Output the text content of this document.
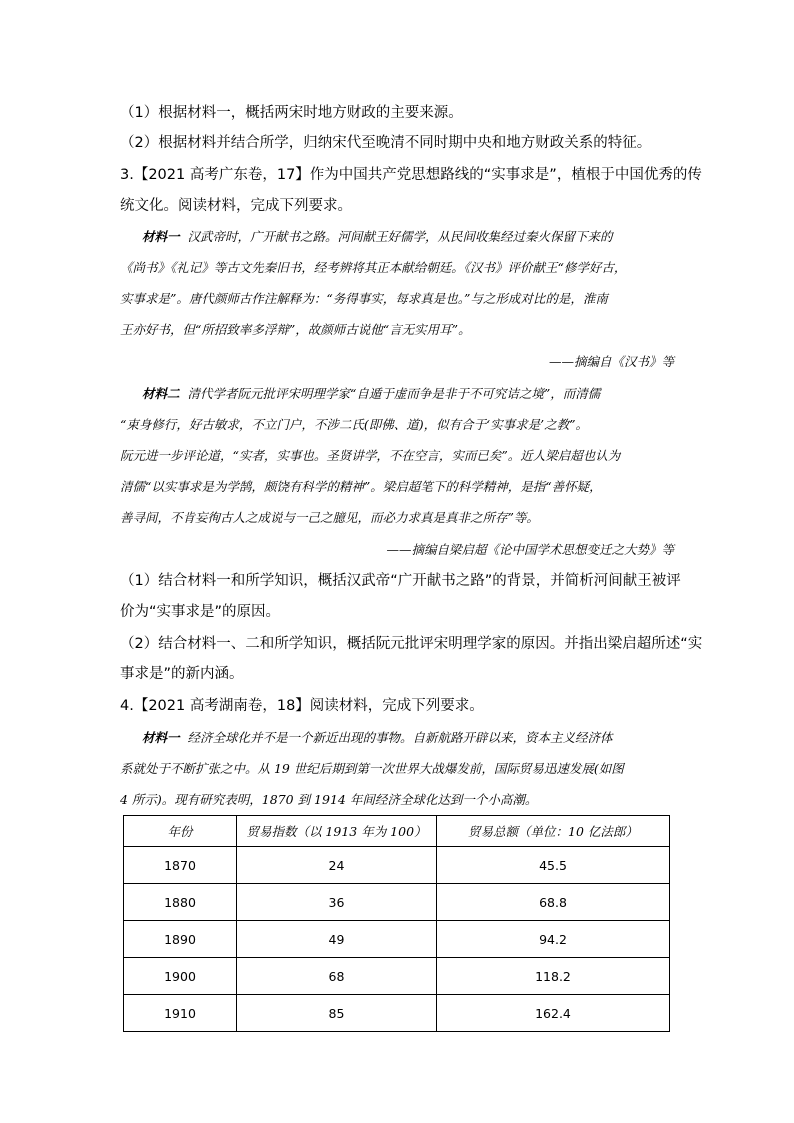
（1）根据材料一，概括两宋时地方财政的主要来源。
（2）根据材料并结合所学，归纳宋代至晚清不同时期中央和地方财政关系的特征。
3.【2021 高考广东卷，17】作为中国共产党思想路线的“实事求是”，植根于中国优秀的传
统文化。阅读材料，完成下列要求。
材料一 汉武帝时，广开献书之路。河间献王好儒学，从民间收集经过秦火保留下来的
《尚书》《礼记》等古文先秦旧书，经考辨将其正本献给朝廷。《汉书》评价献王“修学好古，
实事求是”。唐代颜师古作注解释为：“务得事实，每求真是也。”与之形成对比的是，淮南
王亦好书，但“所招致率多浮辩”，故颜师古说他“言无实用耳”。
——摘编自《汉书》等
材料二 清代学者阮元批评宋明理学家“自遁于虚而争是非于不可究诘之境”，而清儒
“束身修行，好古敏求，不立门户，不涉二氏(即佛、道)，似有合于‘实事求是’之教”。
阮元进一步评论道，“实者，实事也。圣贤讲学，不在空言，实而已矣”。近人梁启超也认为
清儒“以实事求是为学鹄，颇饶有科学的精神”。梁启超笔下的科学精神，是指“善怀疑，
善寻间，不肯妄徇古人之成说与一己之臆见，而必力求真是真非之所存”等。
——摘编自梁启超《论中国学术思想变迁之大势》等
（1）结合材料一和所学知识，概括汉武帝“广开献书之路”的背景，并简析河间献王被评
价为“实事求是”的原因。
（2）结合材料一、二和所学知识，概括阮元批评宋明理学家的原因。并指出梁启超所述“实
事求是”的新内涵。
4.【2021 高考湖南卷，18】阅读材料，完成下列要求。
材料一 经济全球化并不是一个新近出现的事物。自新航路开辟以来，资本主义经济体
系就处于不断扩张之中。从 19 世纪后期到第一次世界大战爆发前，国际贸易迅速发展(如图
4 所示)。现有研究表明，1870 到 1914 年间经济全球化达到一个小高潮。
年份	贸易指数（以 1913 年为 100）	贸易总额（单位：10 亿法郎）
1870	24	45.5
1880	36	68.8
1890	49	94.2
1900	68	118.2
1910	85	162.4
